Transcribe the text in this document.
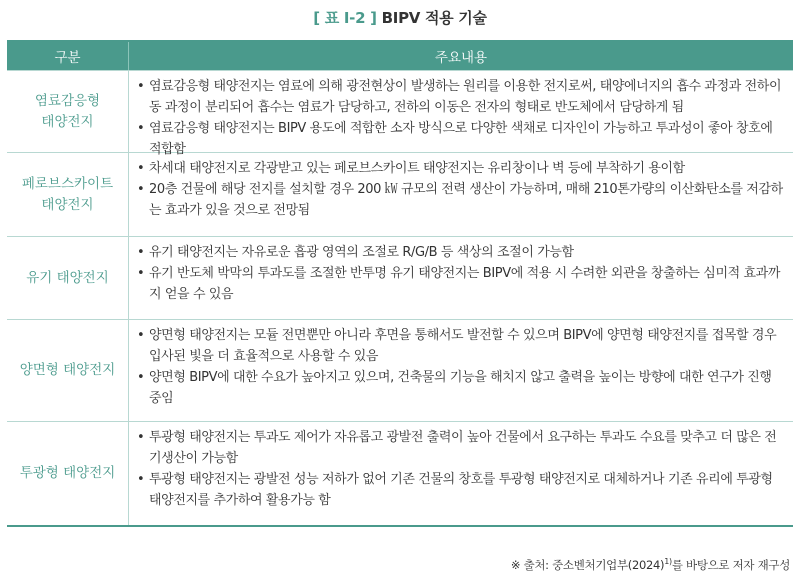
[ 표 Ⅰ-2 ] BIPV 적용 기술
구분	주요내용
염료감응형
태양전지
• 염료감응형 태양전지는 염료에 의해 광전현상이 발생하는 원리를 이용한 전지로써, 태양에너지의 흡수 과정과 전하이동 과정이 분리되어 흡수는 염료가 담당하고, 전하의 이동은 전자의 형태로 반도체에서 담당하게 됨
• 염료감응형 태양전지는 BIPV 용도에 적합한 소자 방식으로 다양한 색채로 디자인이 가능하고 투과성이 좋아 창호에 적합함
페로브스카이트
태양전지
• 차세대 태양전지로 각광받고 있는 페로브스카이트 태양전지는 유리창이나 벽 등에 부착하기 용이함
• 20층 건물에 해당 전지를 설치할 경우 200 ㎾ 규모의 전력 생산이 가능하며, 매해 210톤가량의 이산화탄소를 저감하는 효과가 있을 것으로 전망됨
유기 태양전지
• 유기 태양전지는 자유로운 흡광 영역의 조절로 R/G/B 등 색상의 조절이 가능함
• 유기 반도체 박막의 투과도를 조절한 반투명 유기 태양전지는 BIPV에 적용 시 수려한 외관을 창출하는 심미적 효과까지 얻을 수 있음
양면형 태양전지
• 양면형 태양전지는 모듈 전면뿐만 아니라 후면을 통해서도 발전할 수 있으며 BIPV에 양면형 태양전지를 접목할 경우 입사된 빛을 더 효율적으로 사용할 수 있음
• 양면형 BIPV에 대한 수요가 높아지고 있으며, 건축물의 기능을 해치지 않고 출력을 높이는 방향에 대한 연구가 진행 중임
투광형 태양전지
• 투광형 태양전지는 투과도 제어가 자유롭고 광발전 출력이 높아 건물에서 요구하는 투과도 수요를 맞추고 더 많은 전기생산이 가능함
• 투광형 태양전지는 광발전 성능 저하가 없어 기존 건물의 창호를 투광형 태양전지로 대체하거나 기존 유리에 투광형 태양전지를 추가하여 활용가능 함
※ 출처: 중소벤처기업부$(2024)^{1)}$를 바탕으로 저자 재구성
